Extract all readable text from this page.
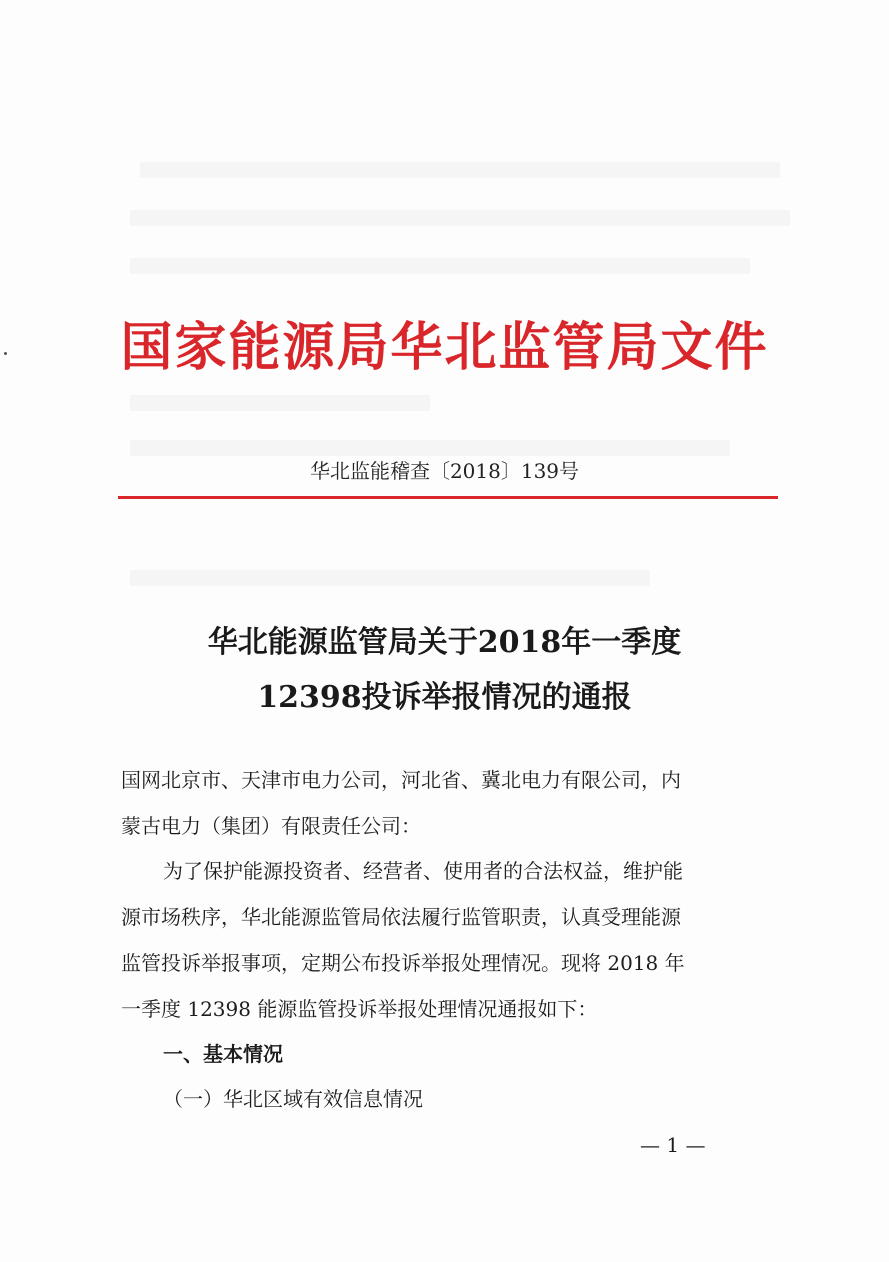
国家能源局华北监管局文件
华北监能稽查〔2018〕139号
华北能源监管局关于2018年一季度
12398投诉举报情况的通报
国网北京市、天津市电力公司，河北省、冀北电力有限公司，内
蒙古电力（集团）有限责任公司：
为了保护能源投资者、经营者、使用者的合法权益，维护能
源市场秩序，华北能源监管局依法履行监管职责，认真受理能源
监管投诉举报事项，定期公布投诉举报处理情况。现将 2018 年
一季度 12398 能源监管投诉举报处理情况通报如下：
一、基本情况
（一）华北区域有效信息情况
— 1 —
